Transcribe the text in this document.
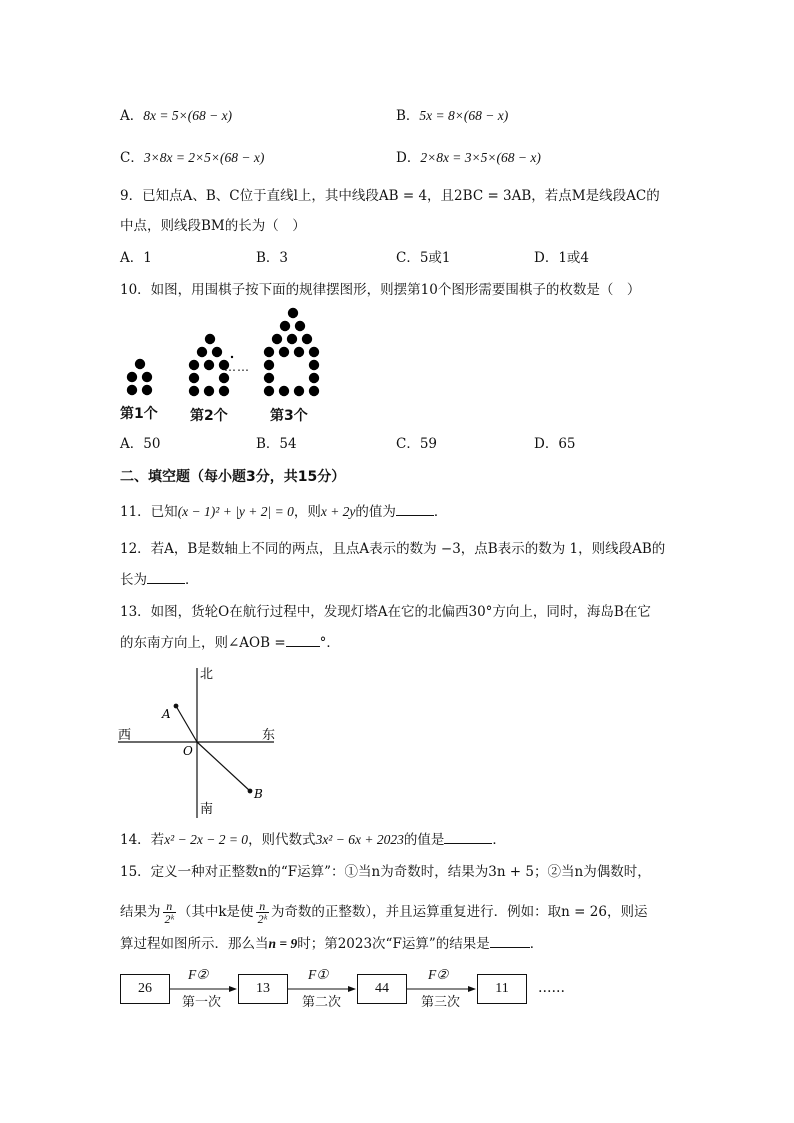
A．8x = 5×(68 − x)	B．5x = 8×(68 − x)
C．3×8x = 2×5×(68 − x)	D．2×8x = 3×5×(68 − x)
9．已知点A、B、C位于直线l上，其中线段AB = 4，且2BC = 3AB，若点M是线段AC的
中点，则线段BM的长为（　）
A．1	B．3	C．5或1	D．1或4
10．如图，用围棋子按下面的规律摆图形，则摆第10个图形需要围棋子的枚数是（　）
……
第1个 第2个	第3个
A．50	B．54	C．59	D．65
二、填空题（每小题3分，共15分）
11．已知(x − 1)² + |y + 2| = 0，则x + 2y的值为	．
12．若A，B是数轴上不同的两点，且点A表示的数为 −3，点B表示的数为 1，则线段AB的
长为	．
13．如图，货轮O在航行过程中，发现灯塔A在它的北偏西30°方向上，同时，海岛B在它
的东南方向上，则∠AOB =	°．
北
南
东
西
A
O
B
14．若x² − 2x − 2 = 0，则代数式3x² − 6x + 2023的值是	．
15．定义一种对正整数n的“F运算”：①当n为奇数时，结果为3n + 5；②当n为偶数时，
结果为 $\frac{n}{\text{2ᵏ}}$ （其中k是使 $\frac{n}{\text{2ᵏ}}$ 为奇数的正整数），并且运算重复进行．例如：取n = 26，则运
算过程如图所示．那么当n = 9时；第2023次“F运算”的结果是	．
26	13	44	11
F②	F①	F②
第一次	第二次	第三次
……
